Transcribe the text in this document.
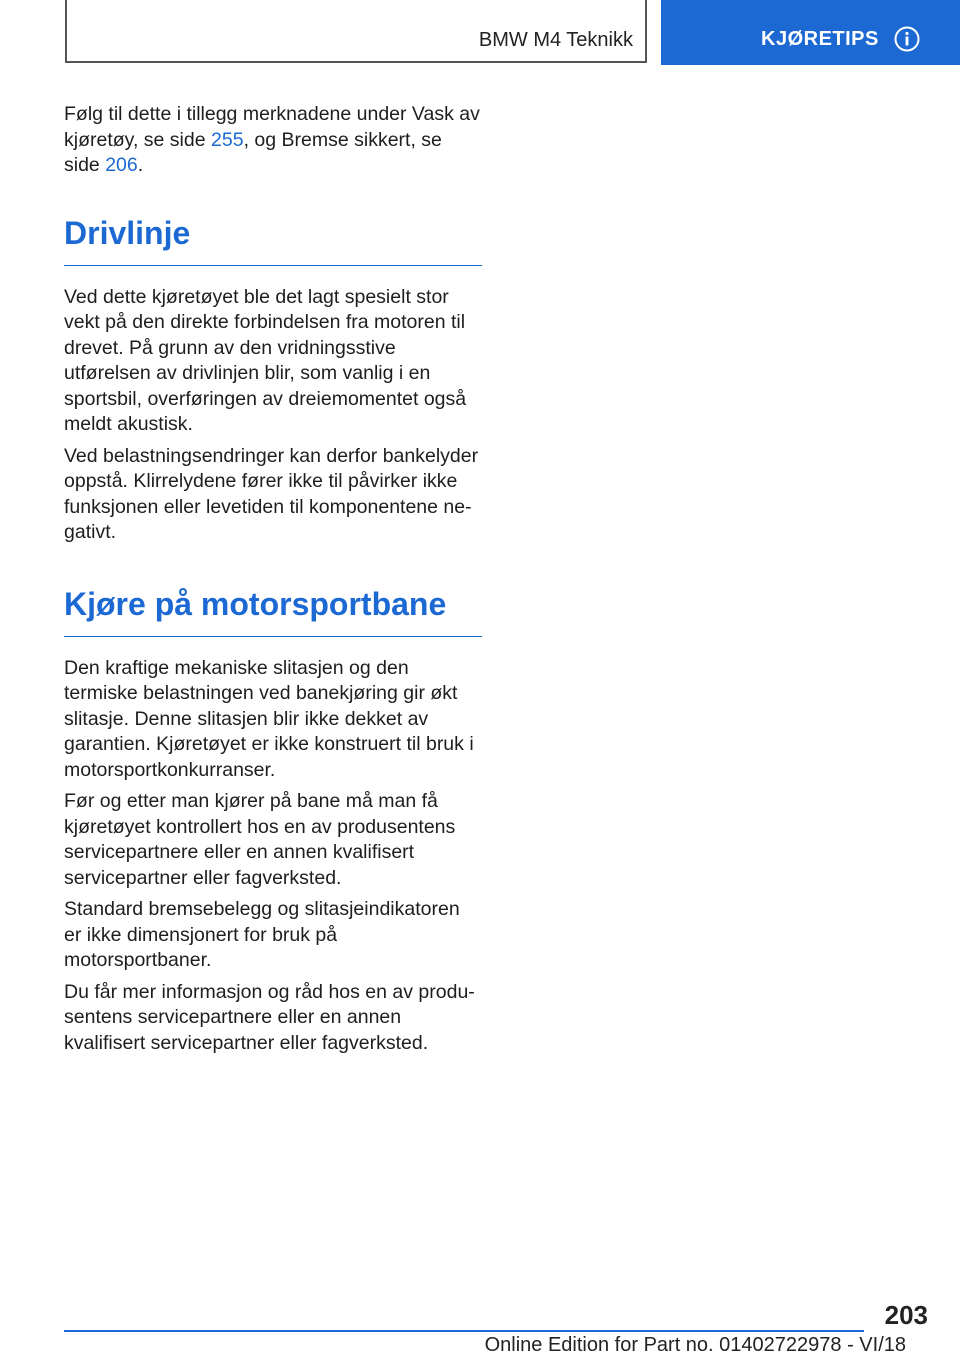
BMW M4 Teknikk	KJØRETIPS

Følg til dette i tillegg merknadene under Vask av kjøretøy, se side 255, og Bremse sikkert, se side 206.

Drivlinje

Ved dette kjøretøyet ble det lagt spesielt stor vekt på den direkte forbindelsen fra motoren til drevet. På grunn av den vridningsstive utførelsen av drivlinjen blir, som vanlig i en sportsbil, overføringen av dreiemomentet også meldt akustisk.

Ved belastningsendringer kan derfor bankelyder oppstå. Klirrelydene fører ikke til påvirker ikke funksjonen eller levetiden til komponentene negativt.

Kjøre på motorsportbane

Den kraftige mekaniske slitasjen og den termiske belastningen ved banekjøring gir økt slitasje. Denne slitasjen blir ikke dekket av garantien. Kjøretøyet er ikke konstruert til bruk i motorsportkonkurranser.

Før og etter man kjører på bane må man få kjøretøyet kontrollert hos en av produsentens servicepartnere eller en annen kvalifisert servicepartner eller fagverksted.

Standard bremsebelegg og slitasjeindikatoren er ikke dimensjonert for bruk på motorsportbaner.

Du får mer informasjon og råd hos en av produsentens servicepartnere eller en annen kvalifisert servicepartner eller fagverksted.

203
Online Edition for Part no. 01402722978 - VI/18
